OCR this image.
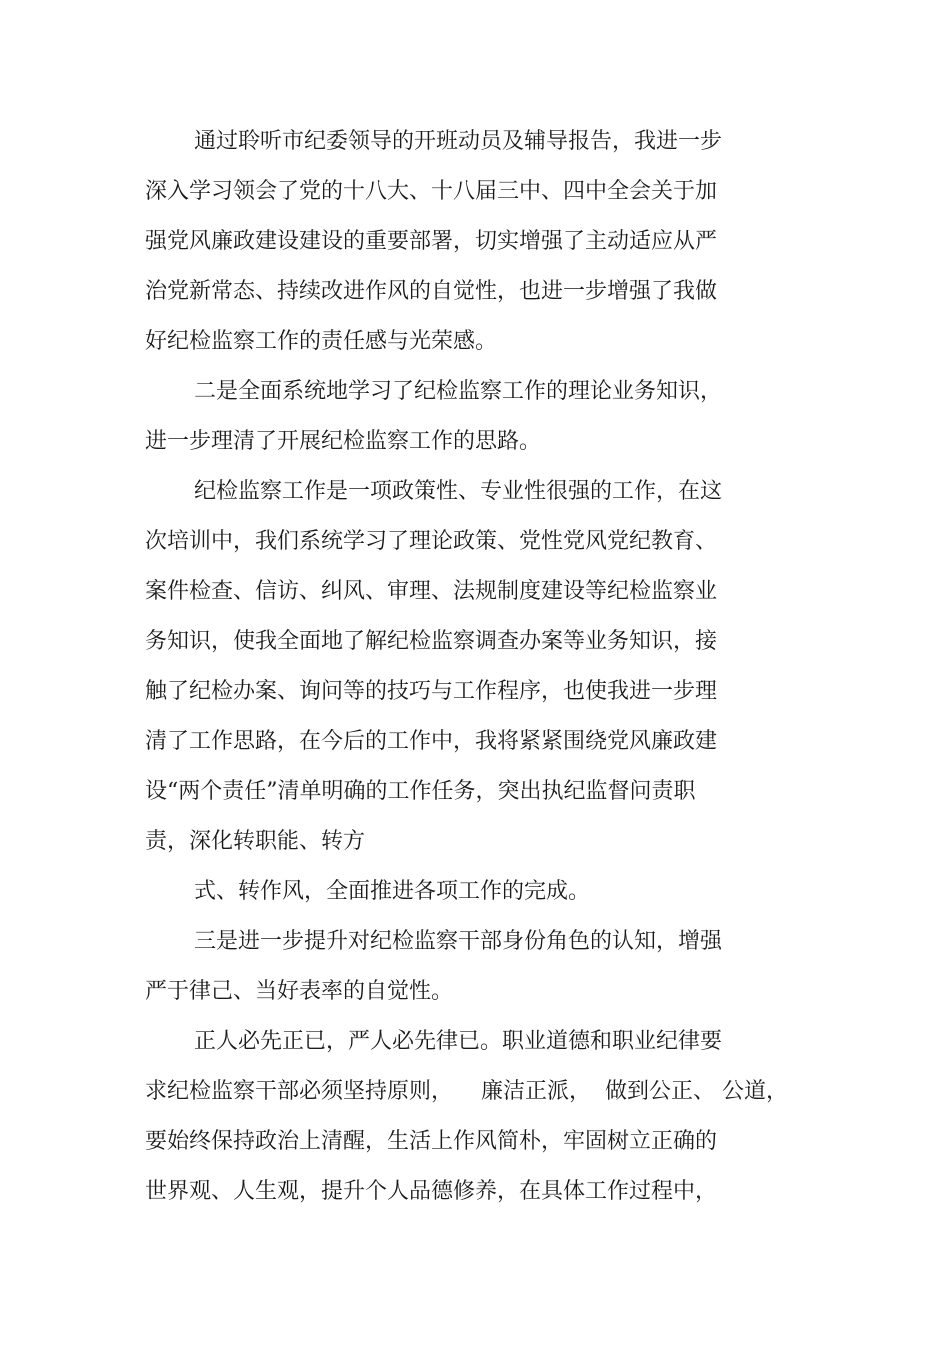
通过聆听市纪委领导的开班动员及辅导报告，我进一步

深入学习领会了党的十八大、十八届三中、四中全会关于加

强党风廉政建设建设的重要部署，切实增强了主动适应从严

治党新常态、持续改进作风的自觉性，也进一步增强了我做

好纪检监察工作的责任感与光荣感。

二是全面系统地学习了纪检监察工作的理论业务知识，

进一步理清了开展纪检监察工作的思路。

纪检监察工作是一项政策性、专业性很强的工作，在这

次培训中，我们系统学习了理论政策、党性党风党纪教育、

案件检查、信访、纠风、审理、法规制度建设等纪检监察业

务知识，使我全面地了解纪检监察调查办案等业务知识，接

触了纪检办案、询问等的技巧与工作程序，也使我进一步理

清了工作思路，在今后的工作中，我将紧紧围绕党风廉政建

设“两个责任”清单明确的工作任务，突出执纪监督问责职

责，深化转职能、转方

式、转作风，全面推进各项工作的完成。

三是进一步提升对纪检监察干部身份角色的认知，增强

严于律己、当好表率的自觉性。

正人必先正已，严人必先律已。职业道德和职业纪律要

求纪检监察干部必须坚持原则，    廉洁正派，  做到公正、 公道，

要始终保持政治上清醒，生活上作风简朴，牢固树立正确的

世界观、人生观，提升个人品德修养，在具体工作过程中，
